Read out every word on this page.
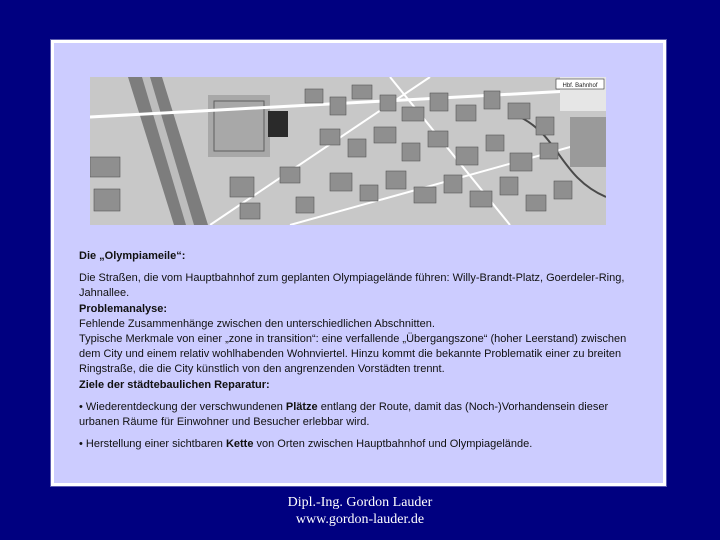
Hbf. Bahnhof

Die „Olympiameile“:

Die Straßen, die vom Hauptbahnhof zum geplanten Olympiagelände führen: Willy-Brandt-Platz, Goerdeler-Ring, Jahnallee.

Problemanalyse:

Fehlende Zusammenhänge zwischen den unterschiedlichen Abschnitten.

Typische Merkmale von einer „zone in transition“: eine verfallende „Übergangszone“ (hoher Leerstand) zwischen dem City und einem relativ wohlhabenden Wohnviertel. Hinzu kommt die bekannte Problematik einer zu breiten Ringstraße, die die City künstlich von den angrenzenden Vorstädten trennt.

Ziele der städtebaulichen Reparatur:

• Wiederentdeckung der verschwundenen Plätze entlang der Route, damit das (Noch-)Vorhandensein dieser urbanen Räume für Einwohner und Besucher erlebbar wird.

• Herstellung einer sichtbaren Kette von Orten zwischen Hauptbahnhof und Olympiagelände.

Dipl.-Ing. Gordon Lauder
www.gordon-lauder.de
